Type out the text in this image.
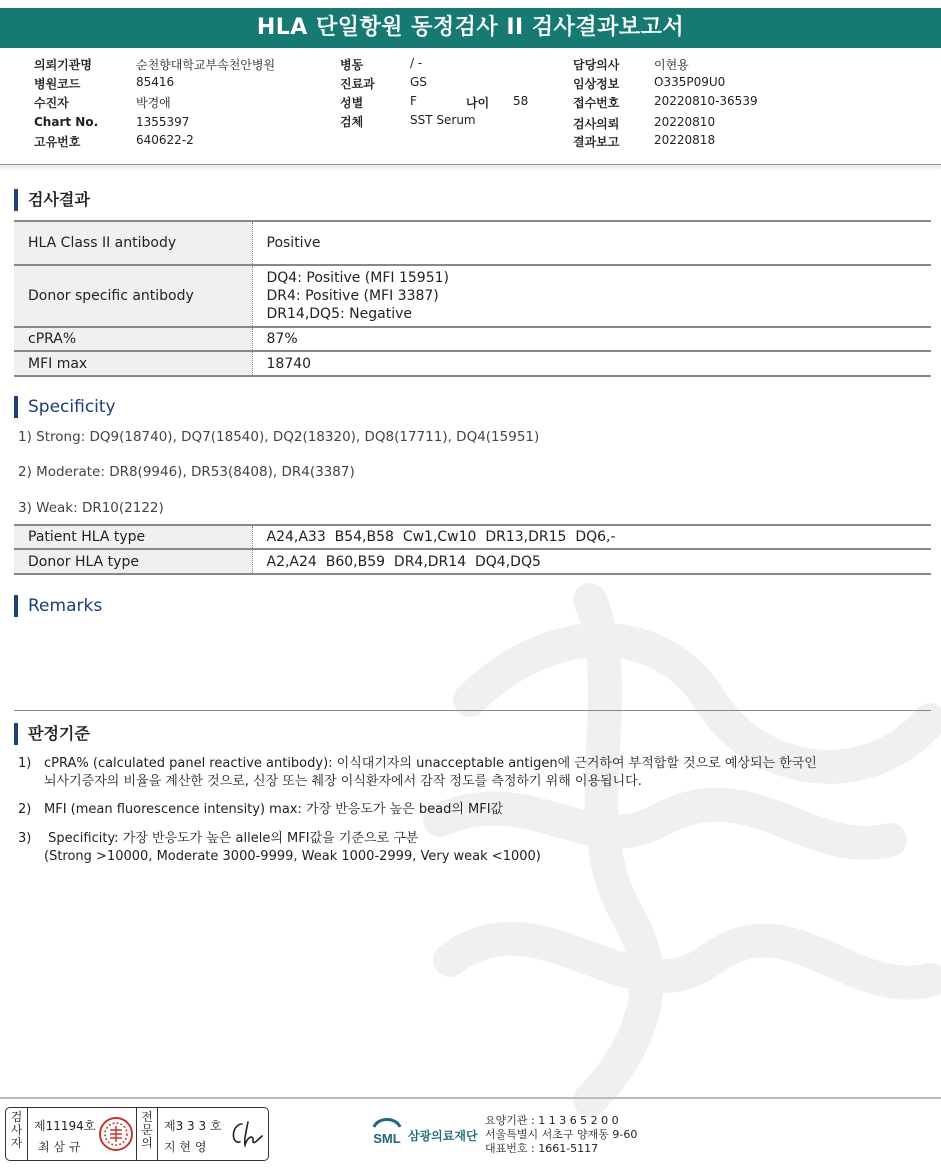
HLA 단일항원 동정검사 II 검사결과보고서
의뢰기관명	순천향대학교부속천안병원
병원코드	85416
수진자	박경애
Chart No.	1355397
고유번호	640622-2
병동	/ -
진료과	GS
성별	F	나이 58
검체	SST Serum
담당의사	이현용
임상정보	O335P09U0
접수번호	20220810-36539
검사의뢰	20220810
결과보고	20220818
검사결과
HLA Class II antibody	Positive
Donor specific antibody	DQ4: Positive (MFI 15951)
DR4: Positive (MFI 3387)
DR14,DQ5: Negative

cPRA%	87%
MFI max	18740
Specificity
1) Strong: DQ9(18740), DQ7(18540), DQ2(18320), DQ8(17711), DQ4(15951)
2) Moderate: DR8(9946), DR53(8408), DR4(3387)
3) Weak: DR10(2122)
Patient HLA type	A24,A33  B54,B58  Cw1,Cw10  DR13,DR15  DQ6,-
Donor HLA type	A2,A24  B60,B59  DR4,DR14  DQ4,DQ5
Remarks
판정기준
1) cPRA% (calculated panel reactive antibody): 이식대기자의 unacceptable antigen에 근거하여 부적합할 것으로 예상되는 한국인
뇌사기증자의 비율을 계산한 것으로, 신장 또는 췌장 이식환자에서 감작 정도를 측정하기 위해 이용됩니다.
2) MFI (mean fluorescence intensity) max: 가장 반응도가 높은 bead의 MFI값
3) Specificity: 가장 반응도가 높은 allele의 MFI값을 기준으로 구분
(Strong >10000, Moderate 3000-9999, Weak 1000-2999, Very weak <1000)
검사자
제11194호
최 삼 규
전문의
제3 3 3 호
지 현 영
SML 삼광의료재단
요양기관 : 1 1 3 6 5 2 0 0
서울특별시 서초구 양재동 9-60
대표번호 : 1661-5117
